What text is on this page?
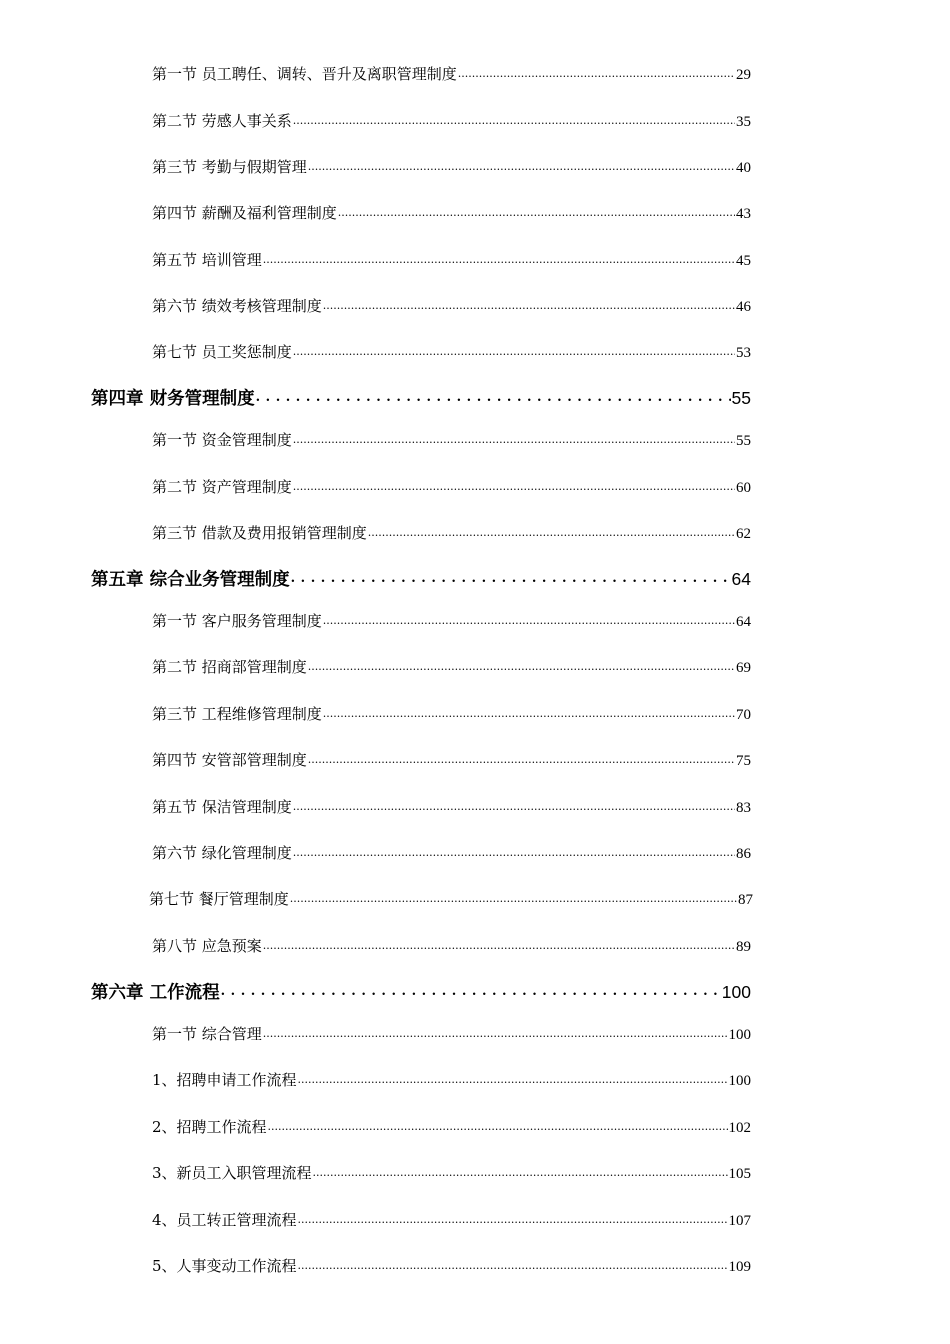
第一节 员工聘任、调转、晋升及离职管理制度 .....	29
第二节 劳感人事关系 .....	35
第三节 考勤与假期管理 .....	40
第四节 薪酬及福利管理制度 .....	43
第五节 培训管理 .....	45
第六节 绩效考核管理制度 .....	46
第七节 员工奖惩制度 .....	53
第四章 财务管理制度 . . .	55
第一节 资金管理制度 .....	55
第二节 资产管理制度 .....	60
第三节 借款及费用报销管理制度 .....	62
第五章 综合业务管理制度 . . .	64
第一节 客户服务管理制度 .....	64
第二节 招商部管理制度 .....	69
第三节 工程维修管理制度 .....	70
第四节 安管部管理制度 .....	75
第五节 保洁管理制度 .....	83
第六节 绿化管理制度 .....	86
第七节 餐厅管理制度 .....	87
第八节 应急预案 .....	89
第六章 工作流程 . . .	100
第一节 综合管理 .....	100
1、招聘申请工作流程 .....	100
2、招聘工作流程 .....	102
3、新员工入职管理流程 .....	105
4、员工转正管理流程 .....	107
5、人事变动工作流程 .....	109
